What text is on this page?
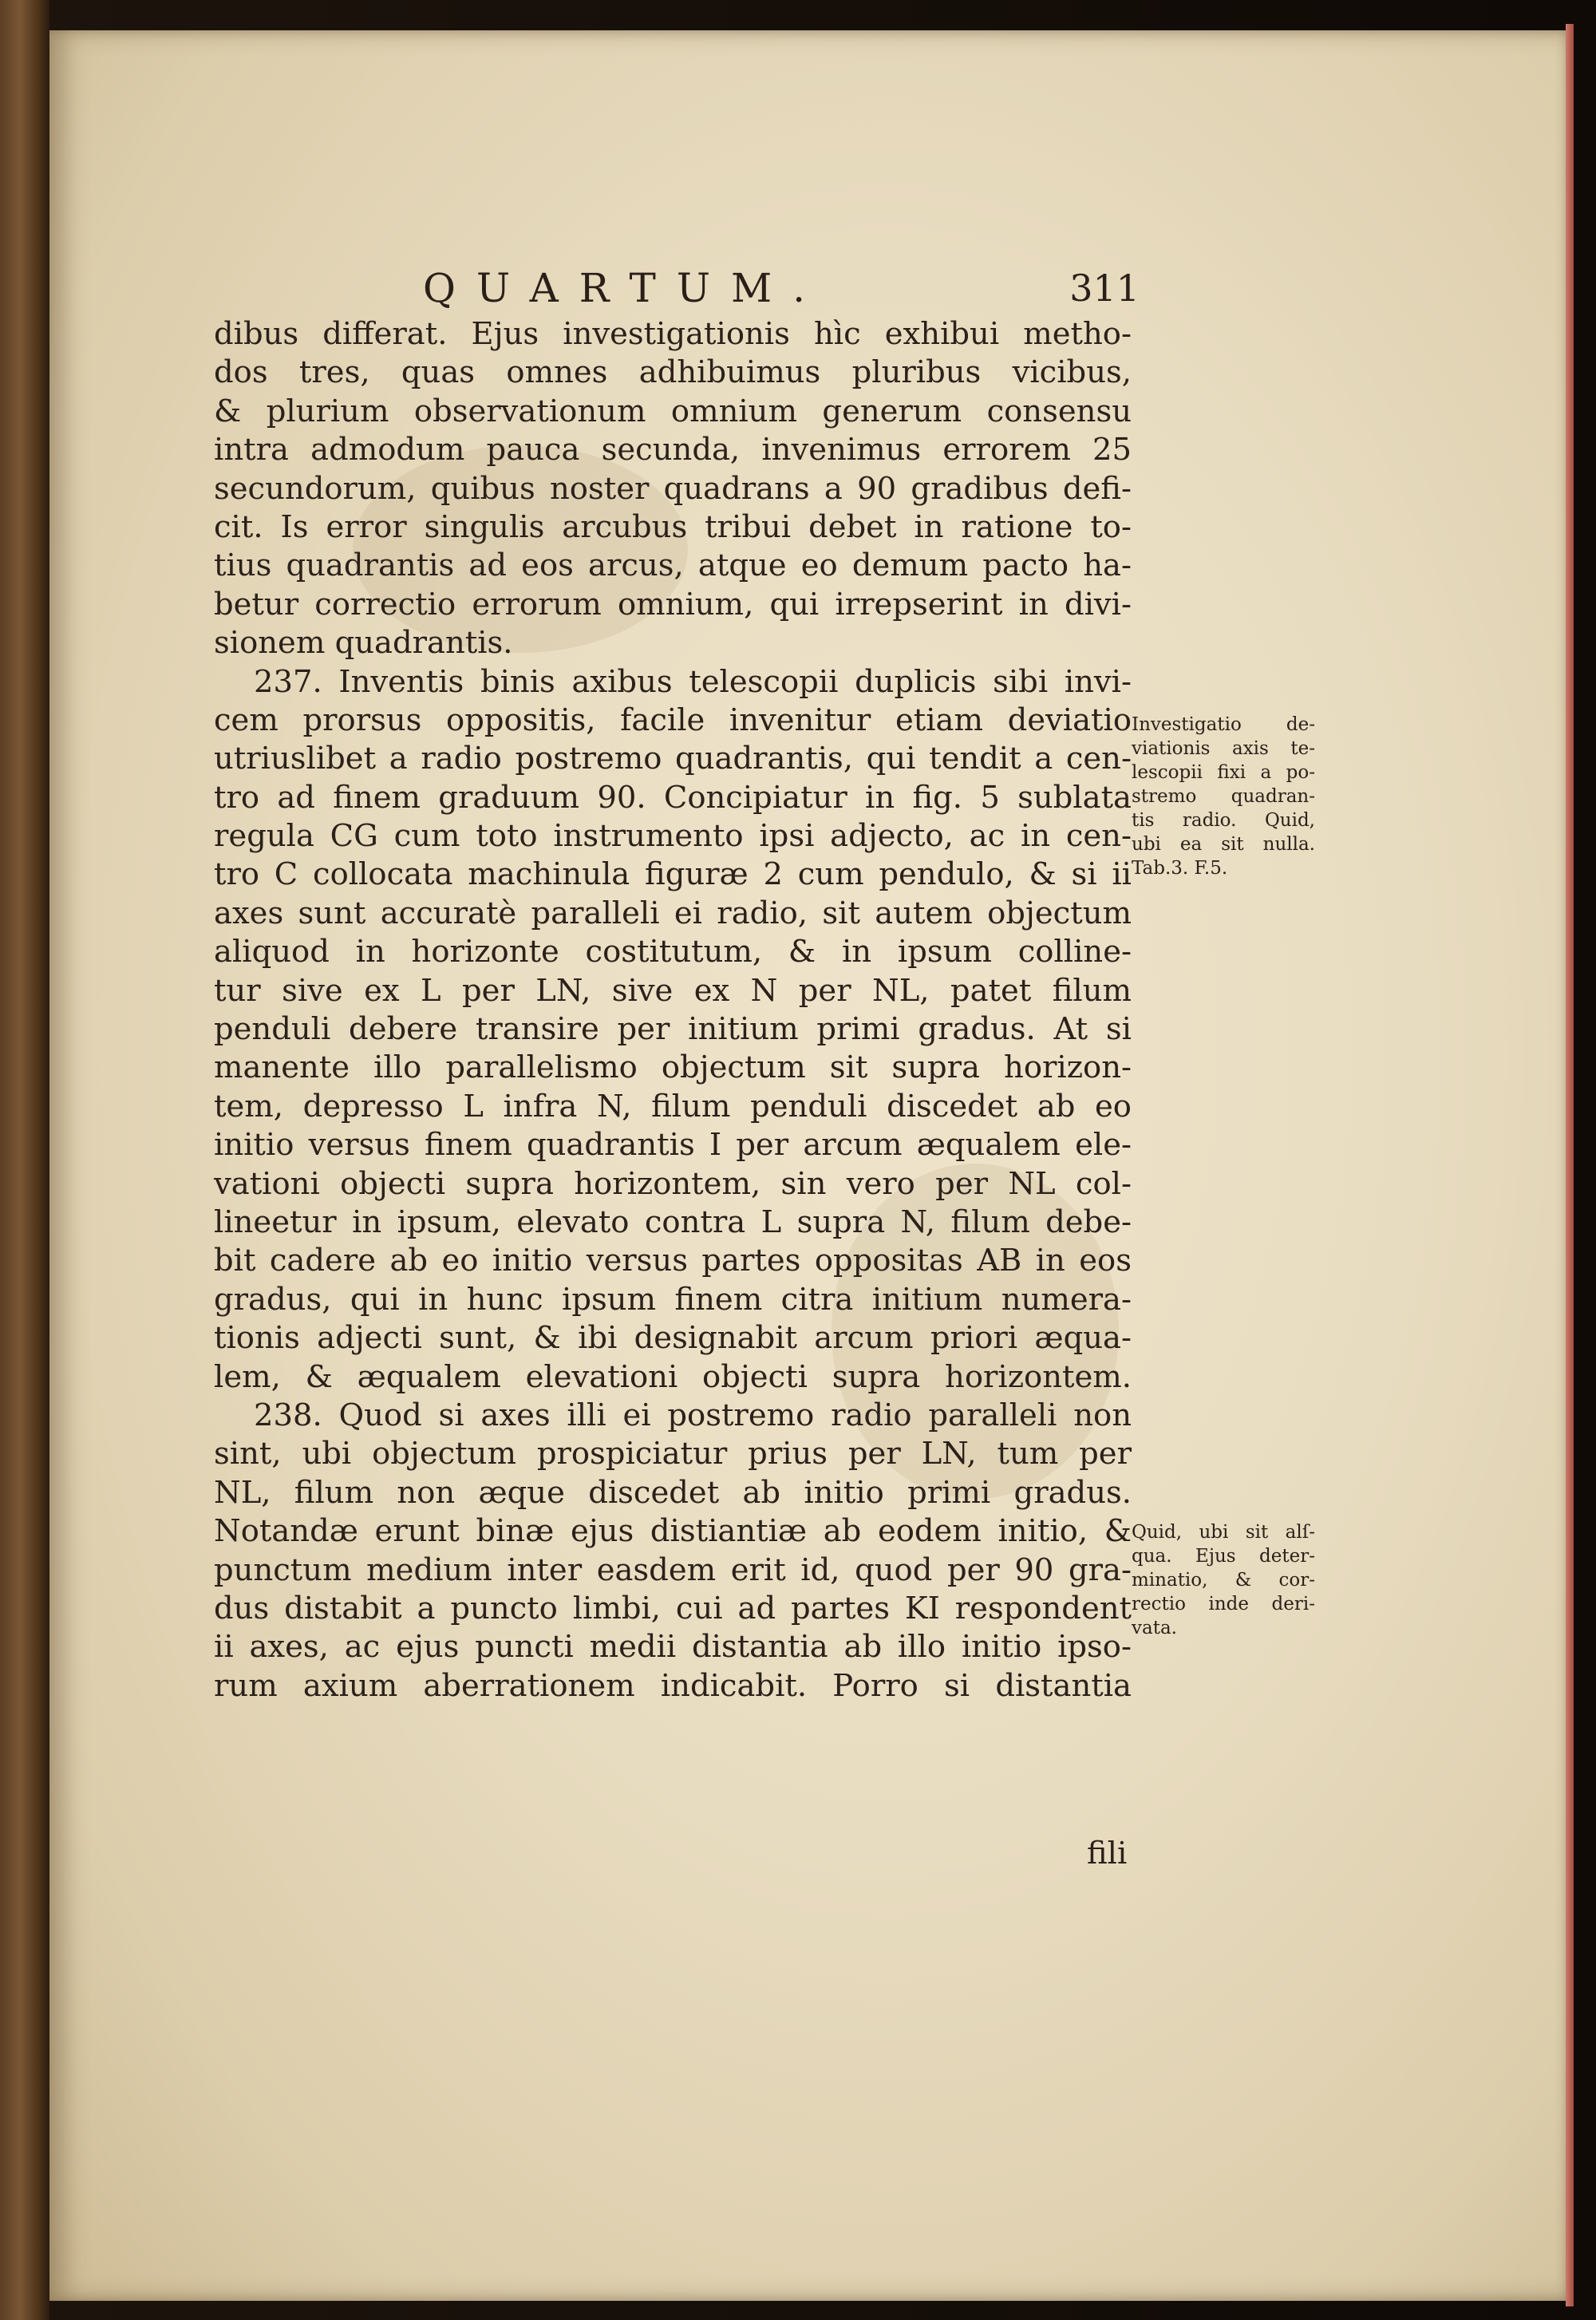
QUARTUM.	311

dibus differat. Ejus investigationis hìc exhibui metho-
dos tres, quas omnes adhibuimus pluribus vicibus,
& plurium observationum omnium generum consensu
intra admodum pauca secunda, invenimus errorem 25
secundorum, quibus noster quadrans a 90 gradibus defi-
cit. Is error singulis arcubus tribui debet in ratione to-
tius quadrantis ad eos arcus, atque eo demum pacto ha-
betur correctio errorum omnium, qui irrepserint in divi-
sionem quadrantis.

237. Inventis binis axibus telescopii duplicis sibi invi-
cem prorsus oppositis, facile invenitur etiam deviatio
utriuslibet a radio postremo quadrantis, qui tendit a cen-
tro ad finem graduum 90. Concipiatur in fig. 5 sublata
regula CG cum toto instrumento ipsi adjecto, ac in cen-
tro C collocata machinula figuræ 2 cum pendulo, & si ii
axes sunt accuratè paralleli ei radio, sit autem objectum
aliquod in horizonte costitutum, & in ipsum colline-
tur sive ex L per LN, sive ex N per NL, patet filum
penduli debere transire per initium primi gradus. At si
manente illo parallelismo objectum sit supra horizon-
tem, depresso L infra N, filum penduli discedet ab eo
initio versus finem quadrantis I per arcum æqualem ele-
vationi objecti supra horizontem, sin vero per NL col-
lineetur in ipsum, elevato contra L supra N, filum debe-
bit cadere ab eo initio versus partes oppositas AB in eos
gradus, qui in hunc ipsum finem citra initium numera-
tionis adjecti sunt, & ibi designabit arcum priori æqua-
lem, & æqualem elevationi objecti supra horizontem.

238. Quod si axes illi ei postremo radio paralleli non
sint, ubi objectum prospiciatur prius per LN, tum per
NL, filum non æque discedet ab initio primi gradus.
Notandæ erunt binæ ejus distiantiæ ab eodem initio, &
punctum medium inter easdem erit id, quod per 90 gra-
dus distabit a puncto limbi, cui ad partes KI respondent
ii axes, ac ejus puncti medii distantia ab illo initio ipso-
rum axium aberrationem indicabit. Porro si distantia

fili
Investigatio de-
viationis axis te-
lescopii fixi a po-
stremo quadran-
tis radio. Quid,
ubi ea sit nulla.
Tab.3. F.5.
Quid, ubi sit alſ-
qua. Ejus deter-
minatio, & cor-
rectio inde deri-
vata.
